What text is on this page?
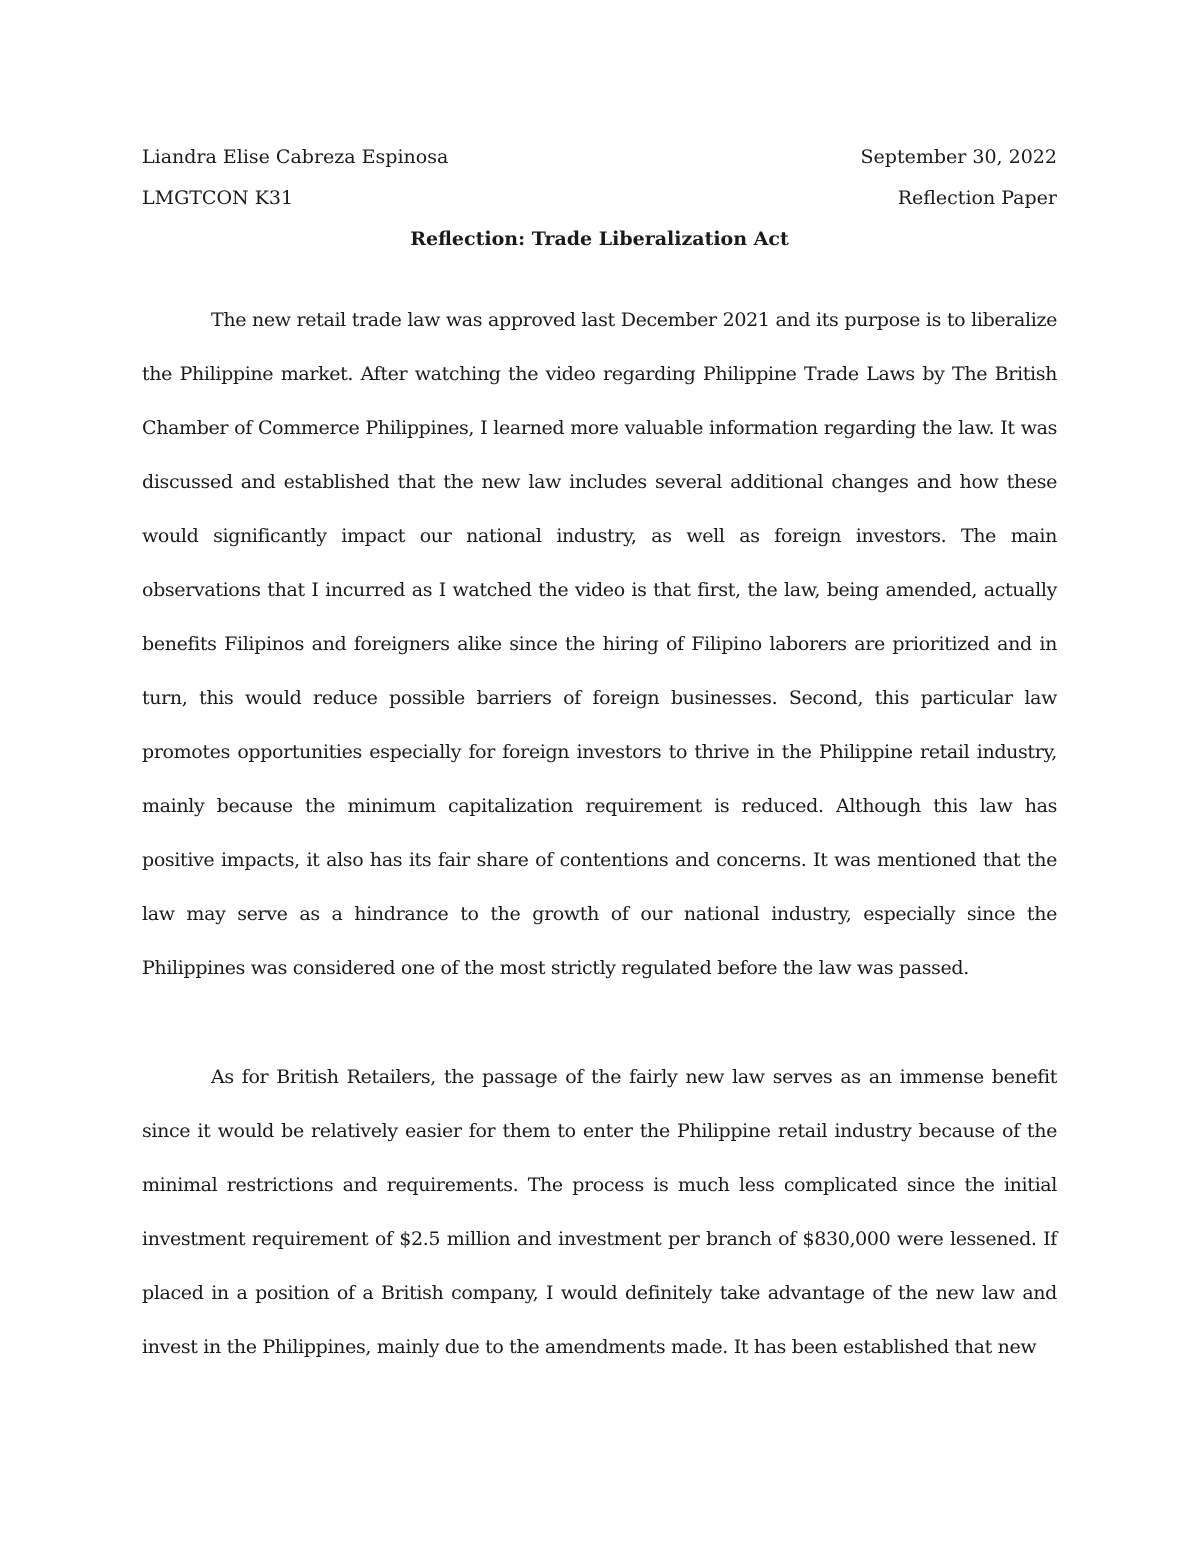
Liandra Elise Cabreza Espinosa	September 30, 2022
LMGTCON K31	Reflection Paper
Reflection: Trade Liberalization Act

The new retail trade law was approved last December 2021 and its purpose is to liberalize the Philippine market. After watching the video regarding Philippine Trade Laws by The British Chamber of Commerce Philippines, I learned more valuable information regarding the law. It was discussed and established that the new law includes several additional changes and how these would significantly impact our national industry, as well as foreign investors. The main observations that I incurred as I watched the video is that first, the law, being amended, actually benefits Filipinos and foreigners alike since the hiring of Filipino laborers are prioritized and in turn, this would reduce possible barriers of foreign businesses. Second, this particular law promotes opportunities especially for foreign investors to thrive in the Philippine retail industry, mainly because the minimum capitalization requirement is reduced. Although this law has positive impacts, it also has its fair share of contentions and concerns. It was mentioned that the law may serve as a hindrance to the growth of our national industry, especially since the Philippines was considered one of the most strictly regulated before the law was passed.

As for British Retailers, the passage of the fairly new law serves as an immense benefit since it would be relatively easier for them to enter the Philippine retail industry because of the minimal restrictions and requirements. The process is much less complicated since the initial investment requirement of $2.5 million and investment per branch of $830,000 were lessened. If placed in a position of a British company, I would definitely take advantage of the new law and invest in the Philippines, mainly due to the amendments made. It has been established that new
